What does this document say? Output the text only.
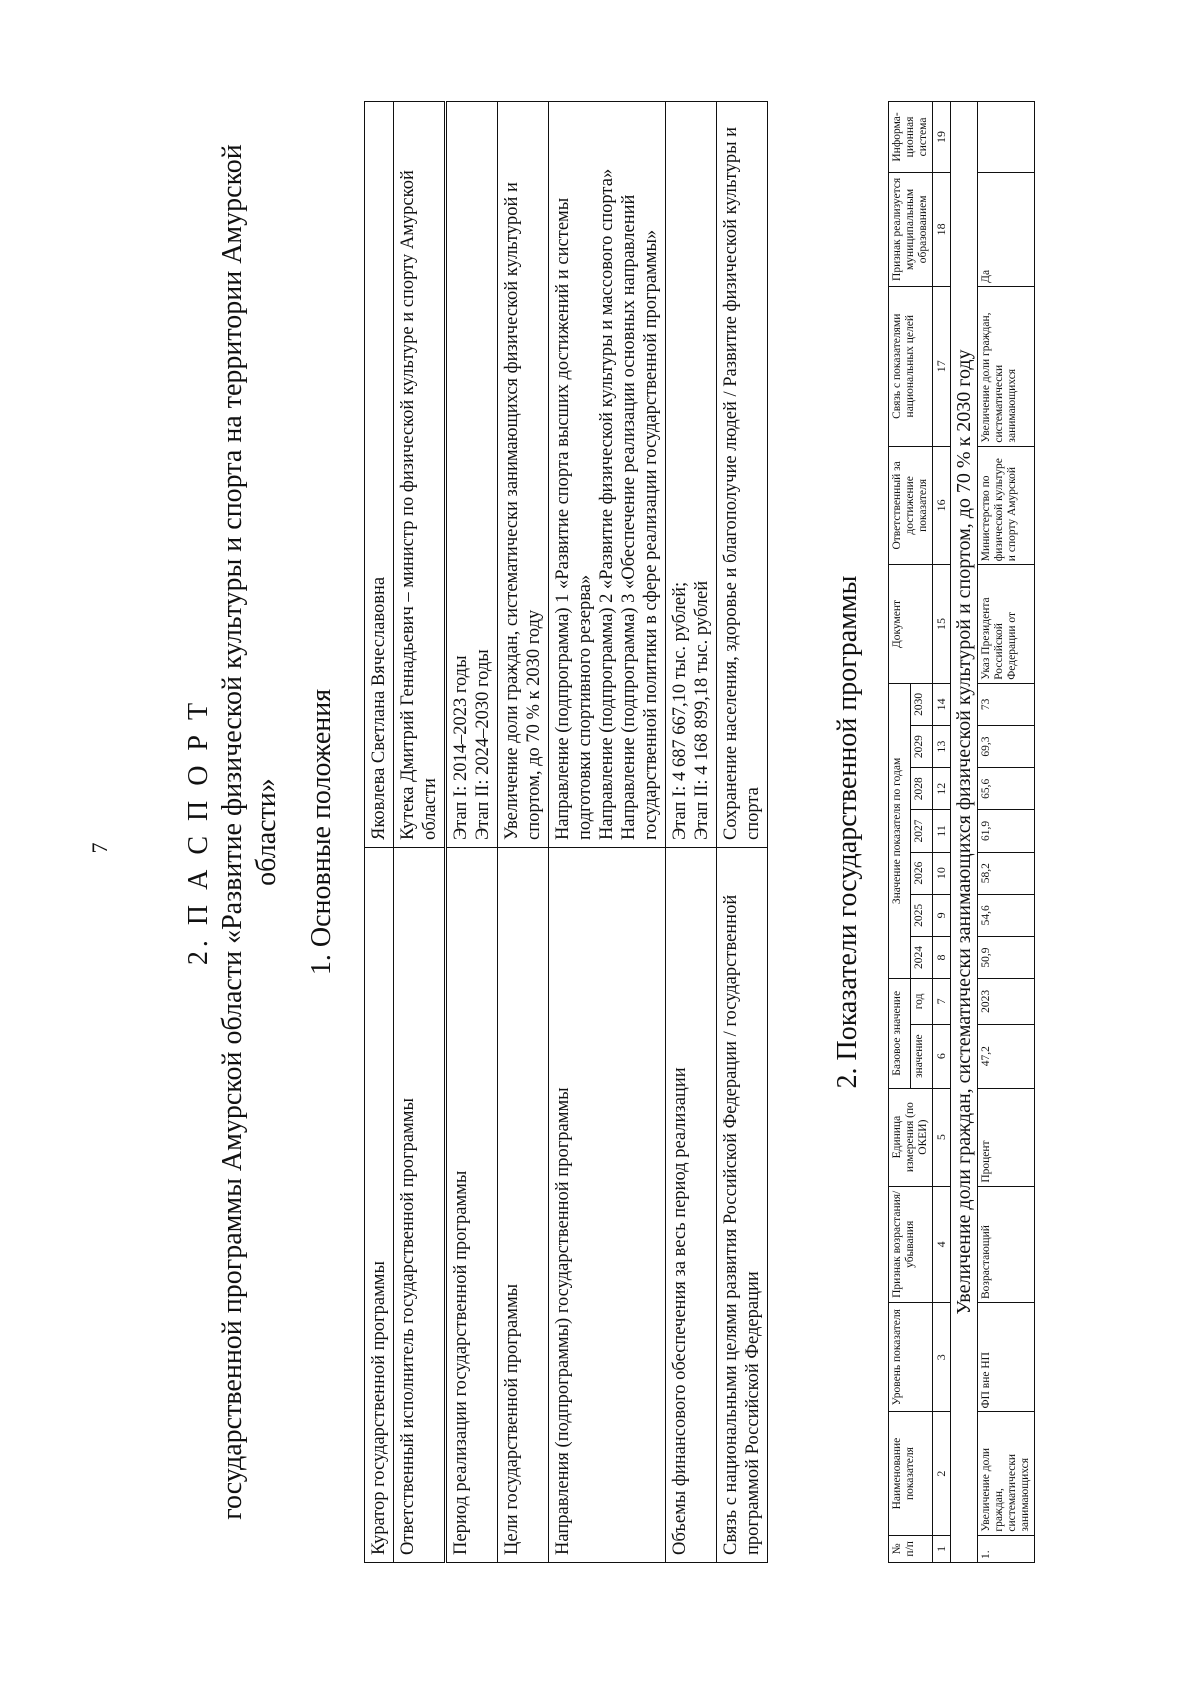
7	2. П А С П О Р Т государственной программы Амурской области «Развитие физической культуры и спорта на территории Амурской области» 1. Основные положения
Куратор государственной программы	Яковлева Светлана Вячеславовна
Ответственный исполнитель государственной программы	Кутека Дмитрий Геннадьевич – министр по физической культуре и спорту Амурской области
Период реализации государственной программы	Этап I: 2014–2023 годы Этап II: 2024–2030 годы

Цели государственной программы	Увеличение доли граждан, систематически занимающихся физической культурой и спортом, до 70 % к 2030 году
Направления (подпрограммы) государственной программы	Направление (подпрограмма) 1 «Развитие спорта высших достижений и системы подготовки спортивного резерва» Направление (подпрограмма) 2 «Развитие физической культуры и массового спорта» Направление (подпрограмма) 3 «Обеспечение реализации основных направлений государственной политики в сфере реализации государственной программы»

Объемы финансового обеспечения за весь период реализации	Этап I: 4 687 667,10 тыс. рублей; Этап II: 4 168 899,18 тыс. рублей

Связь с национальными целями развития Российской Федерации / государственной программой Российской Федерации	Сохранение населения, здоровье и благополучие людей / Развитие физической культуры и спорта 2. Показатели государственной программы
№ п/п	Наименование показателя	Уровень показателя	Признак возрастания/ убывания	Единица измерения (по ОКЕИ)	Базовое значение		Значение показателя по годам							Документ	Ответственный за достижение показателя	Связь с показателями национальных целей	Признак реализуется муниципальным образованием	Информа-ционная система
					значение	год	2024	2025	2026	2027	2028	2029	2030					
1	2	3	4	5	6	7	8	9	10	11	12	13	14	15	16	17	18	19
Увеличение доли граждан, систематически занимающихся физической культурой и спортом, до 70 % к 2030 году																		
1.	Увеличение доли граждан, систематически занимающихся	ФП вне НП	Возрастающий	Процент	47,2	2023	50,9	54,6	58,2	61,9	65,6	69,3	73	Указ Президента Российской Федерации от	Министерство по физической культуре и спорту Амурской	Увеличение доли граждан, систематически занимающихся	Да	
